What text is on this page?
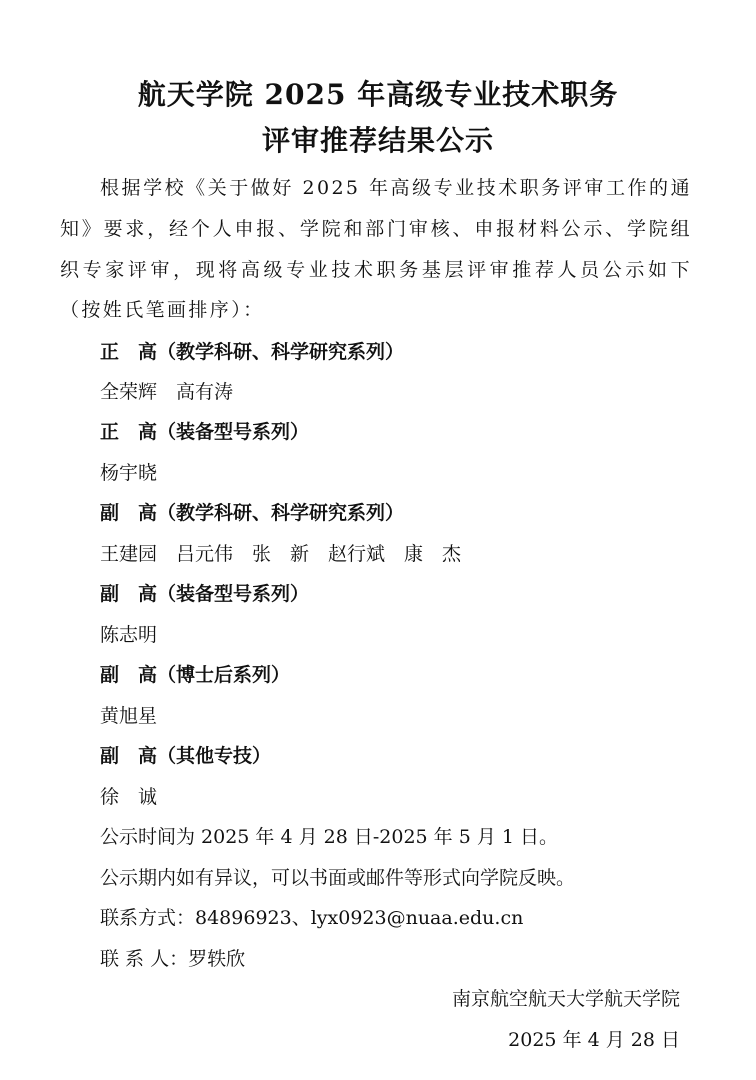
航天学院 2025 年高级专业技术职务
评审推荐结果公示
根据学校《关于做好 2025 年高级专业技术职务评审工作的通知》要求，经个人申报、学院和部门审核、申报材料公示、学院组织专家评审，现将高级专业技术职务基层评审推荐人员公示如下（按姓氏笔画排序）：
正　高（教学科研、科学研究系列）
全荣辉　高有涛
正　高（装备型号系列）
杨宇晓
副　高（教学科研、科学研究系列）
王建园　吕元伟　张　新　赵行斌　康　杰
副　高（装备型号系列）
陈志明
副　高（博士后系列）
黄旭星
副　高（其他专技）
徐　诚
公示时间为 2025 年 4 月 28 日-2025 年 5 月 1 日。
公示期内如有异议，可以书面或邮件等形式向学院反映。
联系方式：84896923、lyx0923@nuaa.edu.cn
联 系 人：罗轶欣
南京航空航天大学航天学院
2025 年 4 月 28 日
